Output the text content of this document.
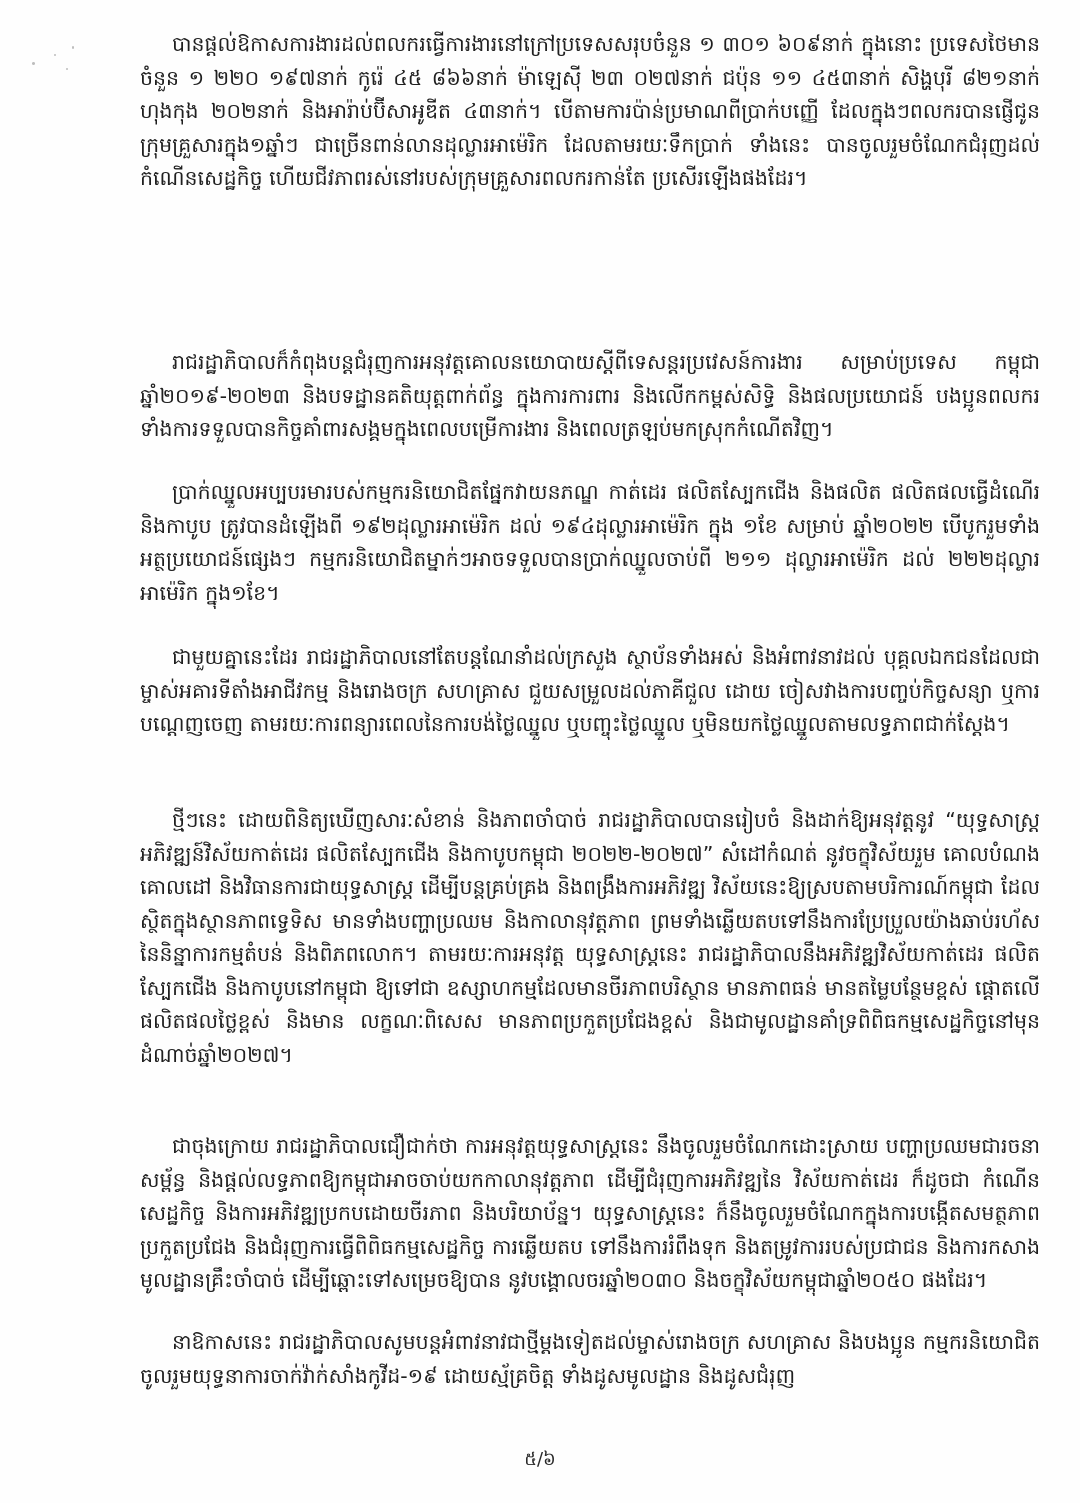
បានផ្ដល់ឱកាសការងារដល់ពលករធ្វើការងារនៅក្រៅប្រទេសសរុបចំនួន ១ ៣០១ ៦០៩នាក់ ក្នុងនោះ ប្រទេសថៃមានចំនួន ១ ២២០ ១៩៧នាក់ កូរ៉េ ៤៥ ៨៦៦នាក់ ម៉ាឡេស៊ី ២៣ ០២៧នាក់ ជប៉ុន ១១ ៤៥៣នាក់ សិង្ហបុរី ៨២១នាក់ ហុងកុង ២០២នាក់ និងអារ៉ាប់ប៊ីសាអូឌីត ៤៣នាក់។ បើតាមការប៉ាន់ប្រមាណពីប្រាក់បញ្ញើ ដែលក្នុងៗពលករបានផ្ញើជូនក្រុមគ្រួសារក្នុង១ឆ្នាំៗ ជាច្រើនពាន់លានដុល្លារអាម៉េរិក ដែលតាមរយៈទឹកប្រាក់ ទាំងនេះ បានចូលរួមចំណែកជំរុញដល់កំណើនសេដ្ឋកិច្ច ហើយជីវភាពរស់នៅរបស់ក្រុមគ្រួសារពលករកាន់តែ ប្រសើរឡើងផងដែរ។

រាជរដ្ឋាភិបាលក៏កំពុងបន្តជំរុញការអនុវត្តគោលនយោបាយស្ដីពីទេសន្តរប្រវេសន៍ការងារ សម្រាប់ប្រទេស កម្ពុជា ឆ្នាំ២០១៩-២០២៣ និងបទដ្ឋានគតិយុត្តពាក់ព័ន្ធ ក្នុងការការពារ និងលើកកម្ពស់សិទ្ធិ និងផលប្រយោជន៍ បងប្អូនពលករ ទាំងការទទួលបានកិច្ចគាំពារសង្គមក្នុងពេលបម្រើការងារ និងពេលត្រឡប់មកស្រុកកំណើតវិញ។

ប្រាក់ឈ្នួលអប្បបរមារបស់កម្មករនិយោជិតផ្នែកវាយនភណ្ឌ កាត់ដេរ ផលិតស្បែកជើង និងផលិត ផលិតផលធ្វើដំណើរនិងកាបូប ត្រូវបានដំឡើងពី ១៩២ដុល្លារអាម៉េរិក ដល់ ១៩៤ដុល្លារអាម៉េរិក ក្នុង ១ខែ សម្រាប់ ឆ្នាំ២០២២ បើបូករួមទាំងអត្ថប្រយោជន៍ផ្សេងៗ កម្មករនិយោជិតម្នាក់ៗអាចទទួលបានប្រាក់ឈ្នួលចាប់ពី ២១១ ដុល្លារអាម៉េរិក ដល់ ២២២ដុល្លារអាម៉េរិក ក្នុង១ខែ។

ជាមួយគ្នានេះដែរ រាជរដ្ឋាភិបាលនៅតែបន្តណែនាំដល់ក្រសួង ស្ថាប័នទាំងអស់ និងអំពាវនាវដល់ បុគ្គលឯកជនដែលជាម្ចាស់អគារទីតាំងអាជីវកម្ម និងរោងចក្រ សហគ្រាស ជួយសម្រួលដល់ភាគីជួល ដោយ ចៀសវាងការបញ្ចប់កិច្ចសន្យា ឬការបណ្ដេញចេញ តាមរយៈការពន្យារពេលនៃការបង់ថ្លៃឈ្នួល ឬបញ្ចុះថ្លៃឈ្នួល ឬមិនយកថ្លៃឈ្នួលតាមលទ្ធភាពជាក់ស្ដែង។

ថ្មីៗនេះ ដោយពិនិត្យឃើញសារៈសំខាន់ និងភាពចាំបាច់ រាជរដ្ឋាភិបាលបានរៀបចំ និងដាក់ឱ្យអនុវត្តនូវ “យុទ្ធសាស្ត្រអភិវឌ្ឍន៍វិស័យកាត់ដេរ ផលិតស្បែកជើង និងកាបូបកម្ពុជា ២០២២-២០២៧” សំដៅកំណត់ នូវចក្ខុវិស័យរួម គោលបំណង គោលដៅ និងវិធានការជាយុទ្ធសាស្ត្រ ដើម្បីបន្តគ្រប់គ្រង និងពង្រឹងការអភិវឌ្ឍ វិស័យនេះឱ្យស្របតាមបរិការណ៍កម្ពុជា ដែលស្ថិតក្នុងស្ថានភាពទ្វេទិស មានទាំងបញ្ហាប្រឈម និងកាលានុវត្តភាព ព្រមទាំងឆ្លើយតបទៅនឹងការប្រែប្រួលយ៉ាងឆាប់រហ័សនៃនិន្នាការកម្មតំបន់ និងពិភពលោក។ តាមរយៈការអនុវត្ត យុទ្ធសាស្ត្រនេះ រាជរដ្ឋាភិបាលនឹងអភិវឌ្ឍវិស័យកាត់ដេរ ផលិតស្បែកជើង និងកាបូបនៅកម្ពុជា ឱ្យទៅជា ឧស្សាហកម្មដែលមានចីរភាពបរិស្ថាន មានភាពធន់ មានតម្លៃបន្ថែមខ្ពស់ ផ្ដោតលើផលិតផលថ្លៃខ្ពស់ និងមាន លក្ខណៈពិសេស មានភាពប្រកួតប្រជែងខ្ពស់ និងជាមូលដ្ឋានគាំទ្រពិពិធកម្មសេដ្ឋកិច្ចនៅមុនដំណាច់ឆ្នាំ២០២៧។

ជាចុងក្រោយ រាជរដ្ឋាភិបាលជឿជាក់ថា ការអនុវត្តយុទ្ធសាស្ត្រនេះ នឹងចូលរួមចំណែកដោះស្រាយ បញ្ហាប្រឈមជារចនាសម្ព័ន្ធ និងផ្ដល់លទ្ធភាពឱ្យកម្ពុជាអាចចាប់យកកាលានុវត្តភាព ដើម្បីជំរុញការអភិវឌ្ឍនៃ វិស័យកាត់ដេរ ក៏ដូចជា កំណើនសេដ្ឋកិច្ច និងការអភិវឌ្ឍប្រកបដោយចីរភាព និងបរិយាប័ន្ន។ យុទ្ធសាស្ត្រនេះ ក៏នឹងចូលរួមចំណែកក្នុងការបង្កើតសមត្ថភាពប្រកួតប្រជែង និងជំរុញការធ្វើពិពិធកម្មសេដ្ឋកិច្ច ការឆ្លើយតប ទៅនឹងការរំពឹងទុក និងតម្រូវការរបស់ប្រជាជន និងការកសាងមូលដ្ឋានគ្រឹះចាំបាច់ ដើម្បីឆ្ពោះទៅសម្រេចឱ្យបាន នូវបង្គោលចរឆ្នាំ២០៣០ និងចក្ខុវិស័យកម្ពុជាឆ្នាំ២០៥០ ផងដែរ។

នាឱកាសនេះ រាជរដ្ឋាភិបាលសូមបន្តអំពាវនាវជាថ្មីម្ដងទៀតដល់ម្ចាស់រោងចក្រ សហគ្រាស និងបងប្អូន កម្មករនិយោជិត ចូលរួមយុទ្ធនាការចាក់វ៉ាក់សាំងកូវីដ-១៩ ដោយស្ម័គ្រចិត្ត ទាំងដូសមូលដ្ឋាន និងដូសជំរុញ

៥/៦
